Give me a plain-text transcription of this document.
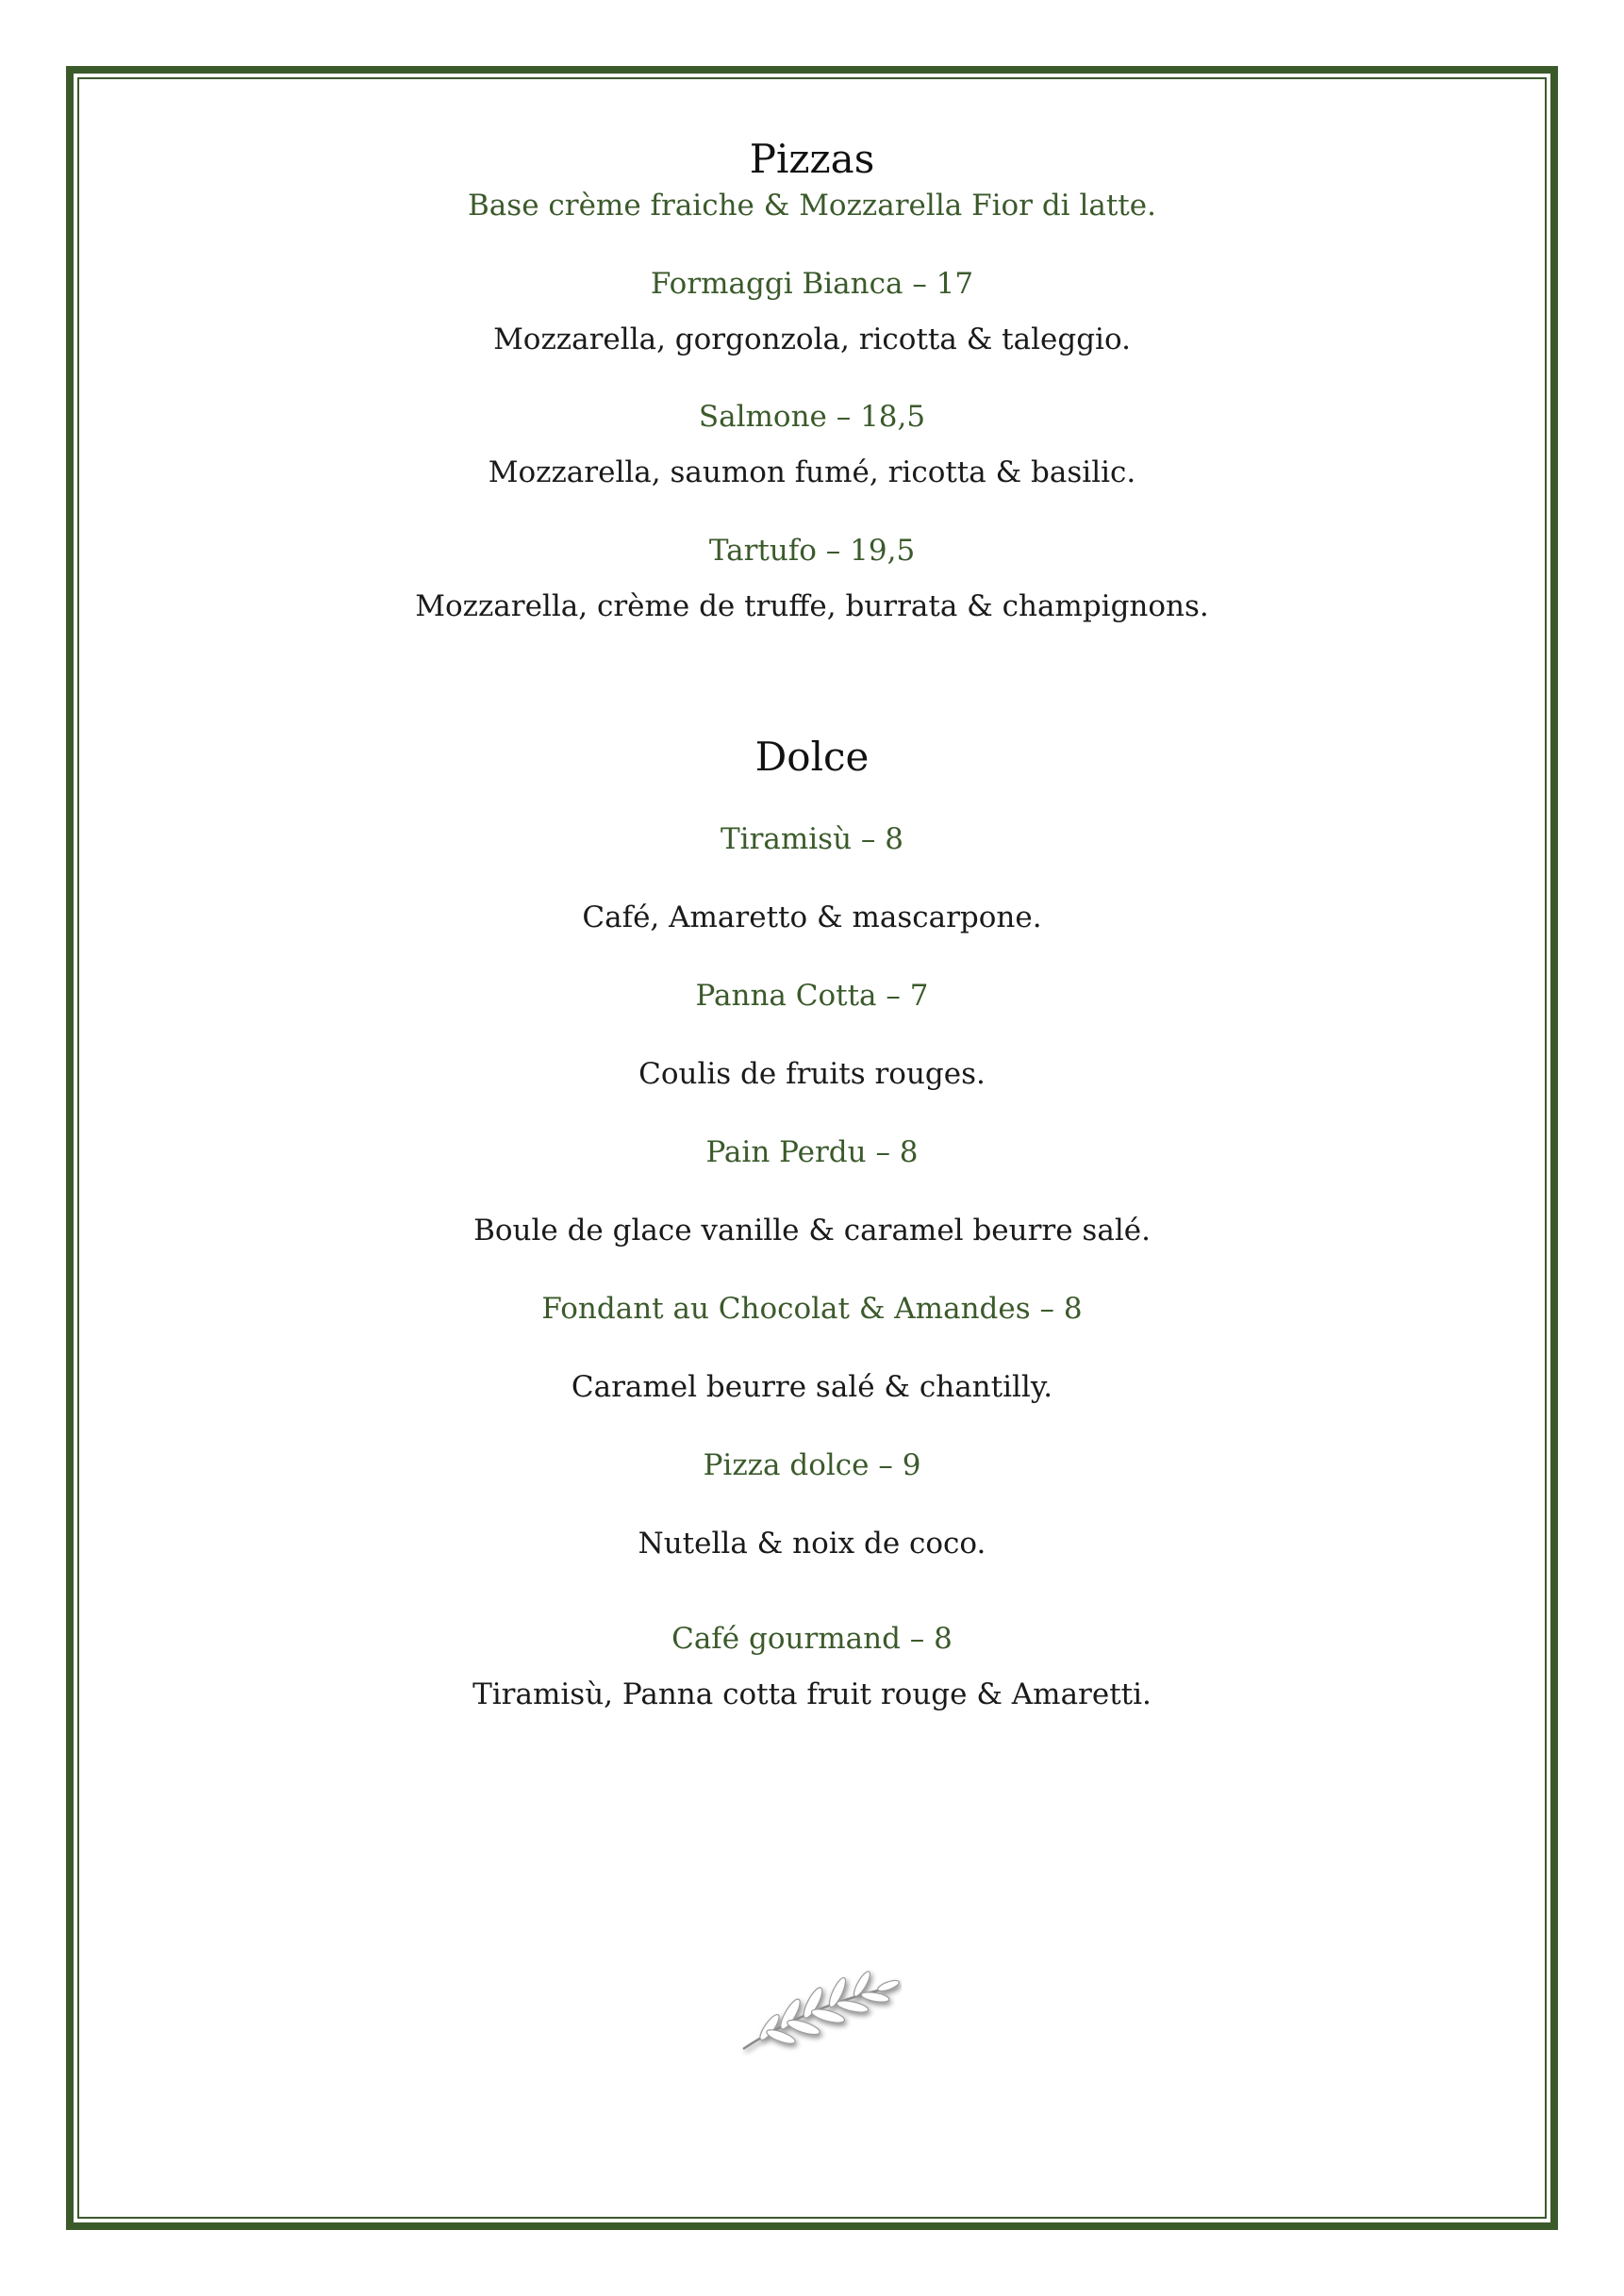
Pizzas

Base crème fraiche & Mozzarella Fior di latte.

Formaggi Bianca – 17

Mozzarella, gorgonzola, ricotta & taleggio.

Salmone – 18,5

Mozzarella, saumon fumé, ricotta & basilic.

Tartufo – 19,5

Mozzarella, crème de truffe, burrata & champignons.

Dolce

Tiramisù – 8

Café, Amaretto & mascarpone.

Panna Cotta – 7

Coulis de fruits rouges.

Pain Perdu – 8

Boule de glace vanille & caramel beurre salé.

Fondant au Chocolat & Amandes – 8

Caramel beurre salé & chantilly.

Pizza dolce – 9

Nutella & noix de coco.

Café gourmand – 8

Tiramisù, Panna cotta fruit rouge & Amaretti.
